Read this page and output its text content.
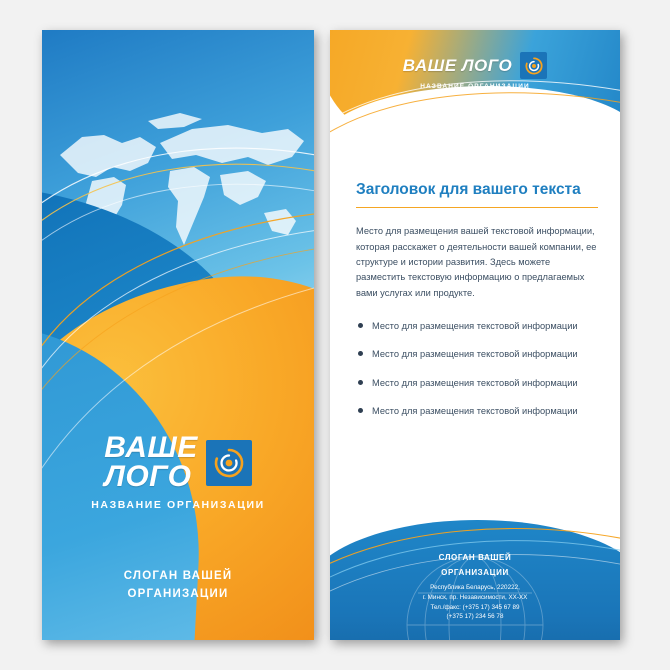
ВАШЕ
ЛОГО
НАЗВАНИЕ ОРГАНИЗАЦИИ
СЛОГАН ВАШЕЙ
ОРГАНИЗАЦИИ
ВАШЕ ЛОГО
НАЗВАНИЕ ОРГАНИЗАЦИИ
Заголовок для вашего текста

Место для размещения вашей текстовой информации, которая расскажет о деятельности вашей компании, ее структуре и истории развития. Здесь можете разместить текстовую информацию о предлагаемых вами услугах или продукте.

Место для размещения текстовой информации
Место для размещения текстовой информации
Место для размещения текстовой информации
Место для размещения текстовой информации
СЛОГАН ВАШЕЙ
ОРГАНИЗАЦИИ
Республика Беларусь, 220222,
г. Минск, пр. Независимости, XX-XX
Тел./факс: (+375 17) 345 67 89
(+375 17) 234 56 78
